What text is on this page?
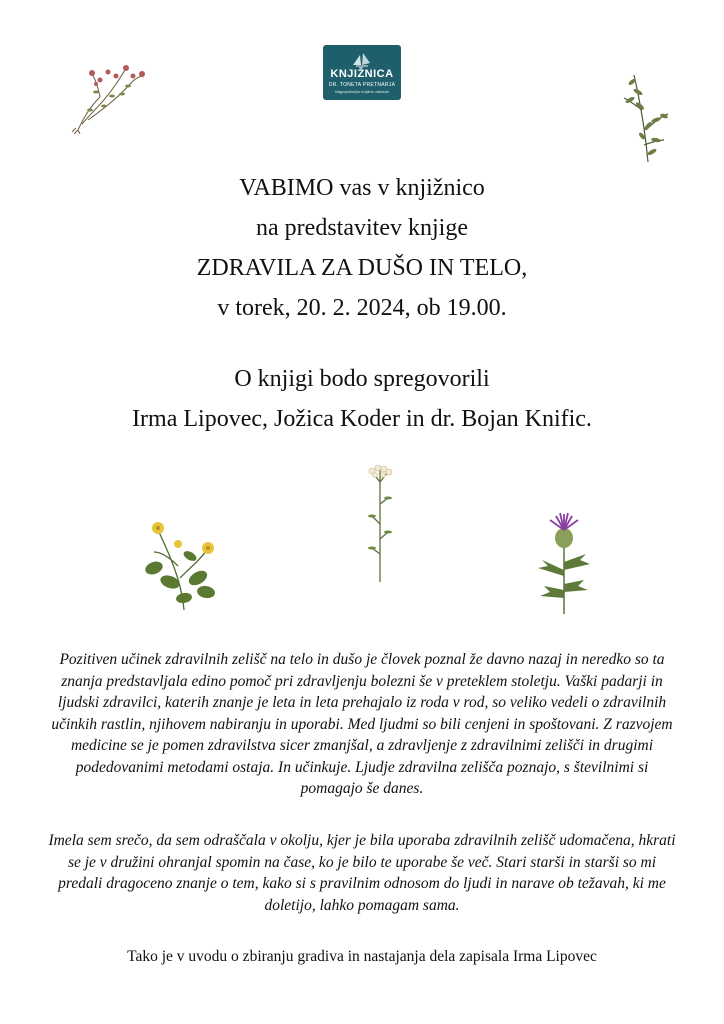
KNJIŽNICA
DR. TONETA PRETNARJA
Najpopolnejše knjižne zaklade
VABIMO vas v knjižnico
na predstavitev knjige
ZDRAVILA ZA DUŠO IN TELO,
v torek, 20. 2. 2024, ob 19.00.
O knjigi bodo spregovorili
Irma Lipovec, Jožica Koder in dr. Bojan Knific.
Pozitiven učinek zdravilnih zelišč na telo in dušo je človek poznal že davno nazaj in neredko so ta
znanja predstavljala edino pomoč pri zdravljenju bolezni še v preteklem stoletju. Vaški padarji in
ljudski zdravilci, katerih znanje je leta in leta prehajalo iz roda v rod, so veliko vedeli o zdravilnih
učinkih rastlin, njihovem nabiranju in uporabi. Med ljudmi so bili cenjeni in spoštovani. Z razvojem
medicine se je pomen zdravilstva sicer zmanjšal, a zdravljenje z zdravilnimi zelišči in drugimi
podedovanimi metodami ostaja. In učinkuje. Ljudje zdravilna zelišča poznajo, s številnimi si
pomagajo še danes.
Imela sem srečo, da sem odraščala v okolju, kjer je bila uporaba zdravilnih zelišč udomačena, hkrati
se je v družini ohranjal spomin na čase, ko je bilo te uporabe še več. Stari starši in starši so mi
predali dragoceno znanje o tem, kako si s pravilnim odnosom do ljudi in narave ob težavah, ki me
doletijo, lahko pomagam sama.
Tako je v uvodu o zbiranju gradiva in nastajanja dela zapisala Irma Lipovec
